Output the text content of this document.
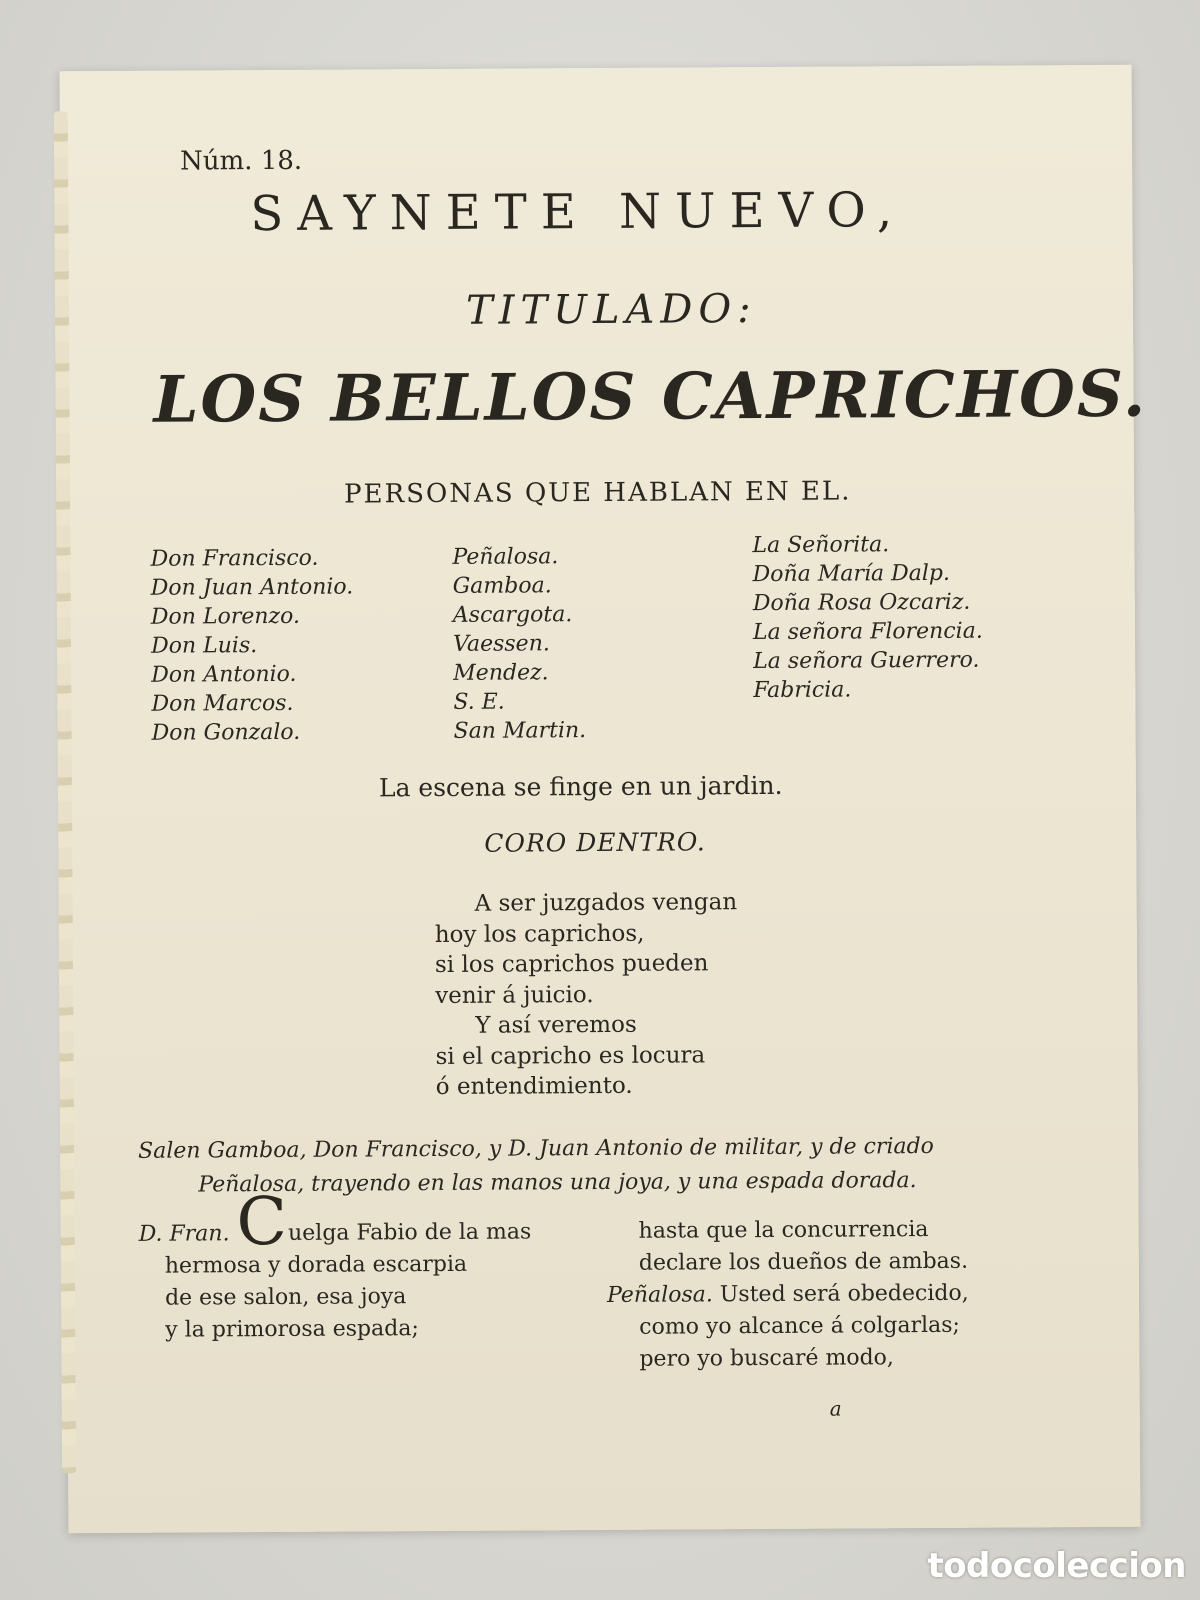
Núm. 18.
SAYNETE NUEVO,
TITULADO:
LOS BELLOS CAPRICHOS.
PERSONAS QUE HABLAN EN EL.
Don Francisco.
Don Juan Antonio.
Don Lorenzo.
Don Luis.
Don Antonio.
Don Marcos.
Don Gonzalo.
Peñalosa.
Gamboa.
Ascargota.
Vaessen.
Mendez.
S. E.
San Martin.
La Señorita.
Doña María Dalp.
Doña Rosa Ozcariz.
La señora Florencia.
La señora Guerrero.
Fabricia.
La escena se finge en un jardin.
CORO DENTRO.
A ser juzgados vengan
hoy los caprichos,
si los caprichos pueden
venir á juicio.
Y así veremos
si el capricho es locura
ó entendimiento.
Salen Gamboa, Don Francisco, y D. Juan Antonio de militar, y de criado
Peñalosa, trayendo en las manos una joya, y una espada dorada.
D. Fran. Cuelga Fabio de la mas
hermosa y dorada escarpia
de ese salon, esa joya
y la primorosa espada;
hasta que la concurrencia
declare los dueños de ambas.
Peñalosa. Usted será obedecido,
como yo alcance á colgarlas;
pero yo buscaré modo,
a
todocoleccion
